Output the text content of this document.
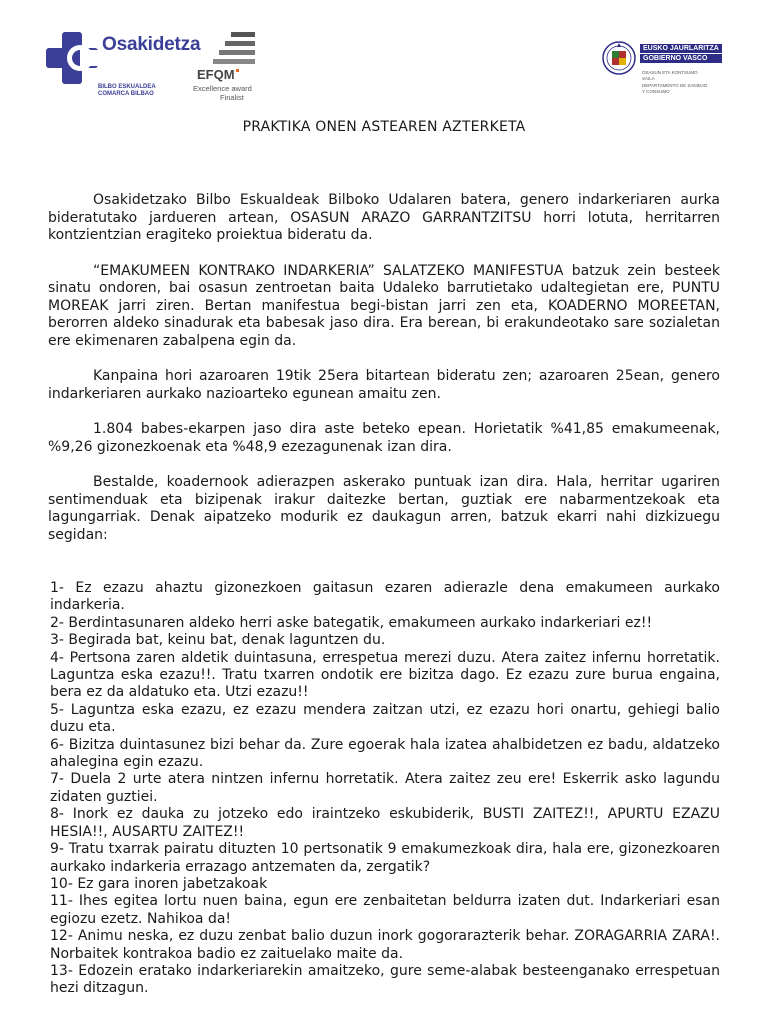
Osakidetza
BILBO ESKUALDEA
COMARCA BILBAO
EFQM
Excellence award
Finalist
EUSKO JAURLARITZA
GOBIERNO VASCO
OSASUN ETA KONTSUMO
SAILA
DEPARTAMENTO DE SANIDAD
Y CONSUMO
PRAKTIKA ONEN ASTEAREN AZTERKETA

Osakidetzako Bilbo Eskualdeak Bilboko Udalaren batera, genero indarkeriaren aurka bideratutako jardueren artean, OSASUN ARAZO GARRANTZITSU horri lotuta, herritarren kontzientzian eragiteko proiektua bideratu da.

“EMAKUMEEN KONTRAKO INDARKERIA” SALATZEKO MANIFESTUA batzuk zein besteek sinatu ondoren, bai osasun zentroetan baita Udaleko barrutietako udaltegietan ere, PUNTU MOREAK jarri ziren. Bertan manifestua begi-bistan jarri zen eta, KOADERNO MOREETAN, berorren aldeko sinadurak eta babesak jaso dira. Era berean, bi erakundeotako sare sozialetan ere ekimenaren zabalpena egin da.

Kanpaina hori azaroaren 19tik 25era bitartean bideratu zen; azaroaren 25ean, genero indarkeriaren aurkako nazioarteko egunean amaitu zen.

1.804 babes-ekarpen jaso dira aste beteko epean. Horietatik %41,85 emakumeenak, %9,26 gizonezkoenak eta %48,9 ezezagunenak izan dira.

Bestalde, koadernook adierazpen askerako puntuak izan dira. Hala, herritar ugariren sentimenduak eta bizipenak irakur daitezke bertan, guztiak ere nabarmentzekoak eta lagungarriak. Denak aipatzeko modurik ez daukagun arren, batzuk ekarri nahi dizkizuegu segidan:

1- Ez ezazu ahaztu gizonezkoen gaitasun ezaren adierazle dena emakumeen aurkako indarkeria.
2- Berdintasunaren aldeko herri aske bategatik, emakumeen aurkako indarkeriari ez!!
3- Begirada bat, keinu bat, denak laguntzen du.
4- Pertsona zaren aldetik duintasuna, errespetua merezi duzu. Atera zaitez infernu horretatik. Laguntza eska ezazu!!. Tratu txarren ondotik ere bizitza dago. Ez ezazu zure burua engaina, bera ez da aldatuko eta. Utzi ezazu!!
5- Laguntza eska ezazu, ez ezazu mendera zaitzan utzi, ez ezazu hori onartu, gehiegi balio duzu eta.
6- Bizitza duintasunez bizi behar da. Zure egoerak hala izatea ahalbidetzen ez badu, aldatzeko ahalegina egin ezazu.
7- Duela 2 urte atera nintzen infernu horretatik. Atera zaitez zeu ere! Eskerrik asko lagundu zidaten guztiei.
8- Inork ez dauka zu jotzeko edo iraintzeko eskubiderik, BUSTI ZAITEZ!!, APURTU EZAZU HESIA!!, AUSARTU ZAITEZ!!
9- Tratu txarrak pairatu dituzten 10 pertsonatik 9 emakumezkoak dira, hala ere, gizonezkoaren aurkako indarkeria errazago antzematen da, zergatik?
10- Ez gara inoren jabetzakoak
11- Ihes egitea lortu nuen baina, egun ere zenbaitetan beldurra izaten dut. Indarkeriari esan egiozu ezetz. Nahikoa da!
12- Animu neska, ez duzu zenbat balio duzun inork gogorarazterik behar. ZORAGARRIA ZARA!. Norbaitek kontrakoa badio ez zaituelako maite da.
13- Edozein eratako indarkeriarekin amaitzeko, gure seme-alabak besteenganako errespetuan hezi ditzagun.
